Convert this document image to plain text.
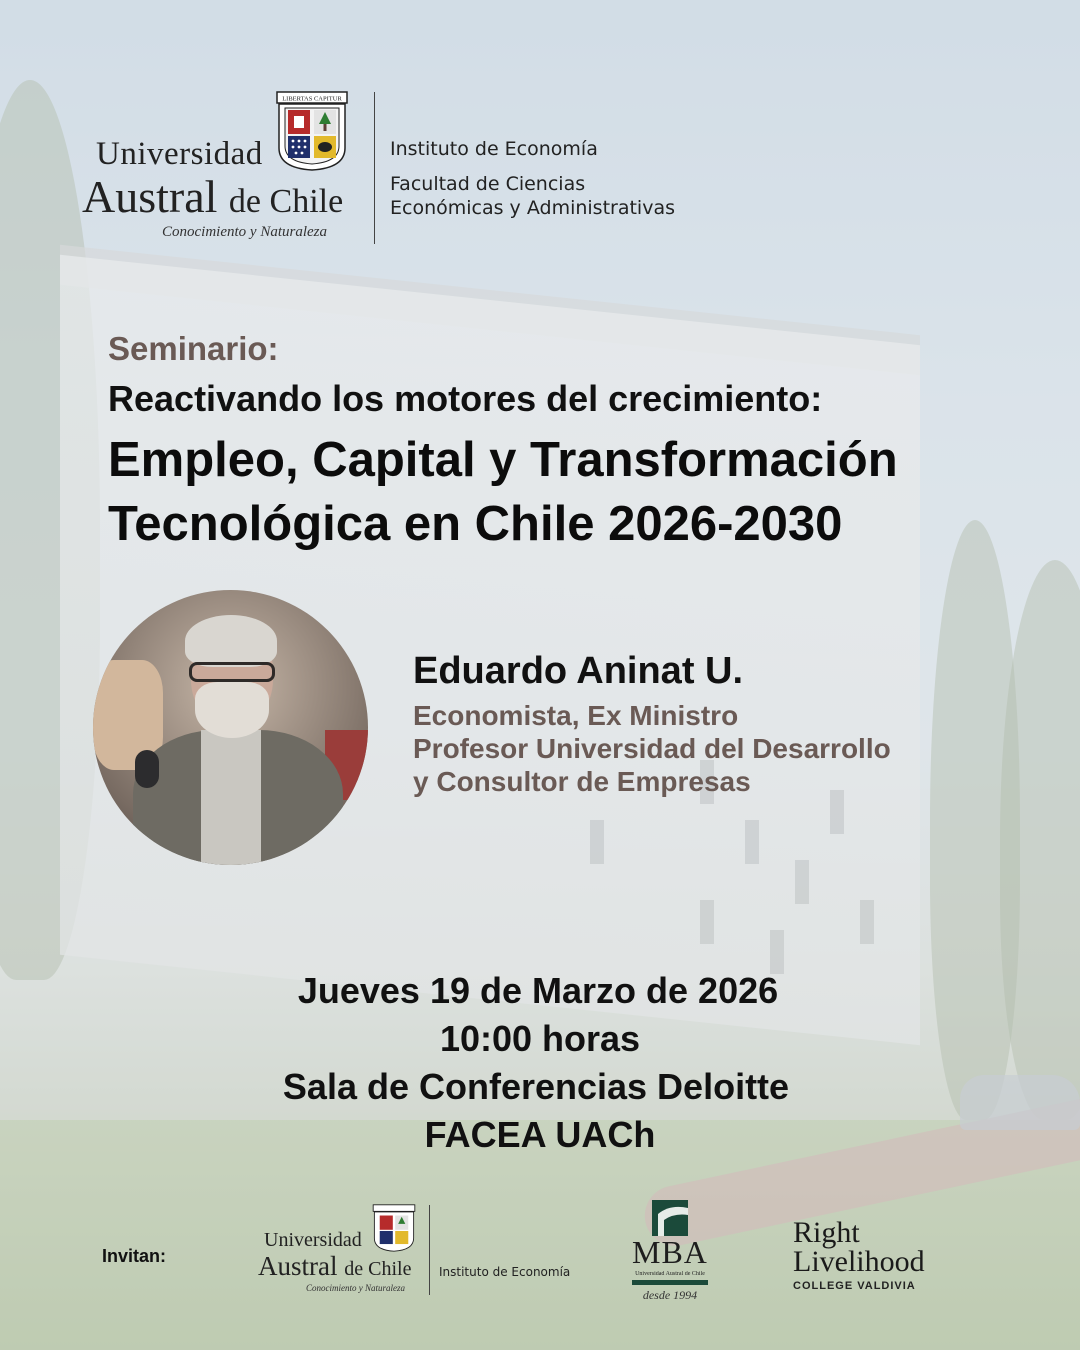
Universidad
Austral de Chile
Conocimiento y Naturaleza
LIBERTAS CAPITUR
Instituto de Economía
Facultad de Ciencias
Económicas y Administrativas
Seminario:
Reactivando los motores del crecimiento:
Empleo, Capital y Transformación
Tecnológica en Chile 2026-2030
Eduardo Aninat U.
Economista, Ex Ministro
Profesor Universidad del Desarrollo
y Consultor de Empresas
Jueves 19 de Marzo de 2026
10:00 horas
Sala de Conferencias Deloitte
FACEA UACh
Invitan:
Universidad
Austral de Chile
Conocimiento y Naturaleza
Instituto de Economía
MBA
Universidad Austral de Chile
desde 1994
Right
Livelihood
COLLEGE VALDIVIA
